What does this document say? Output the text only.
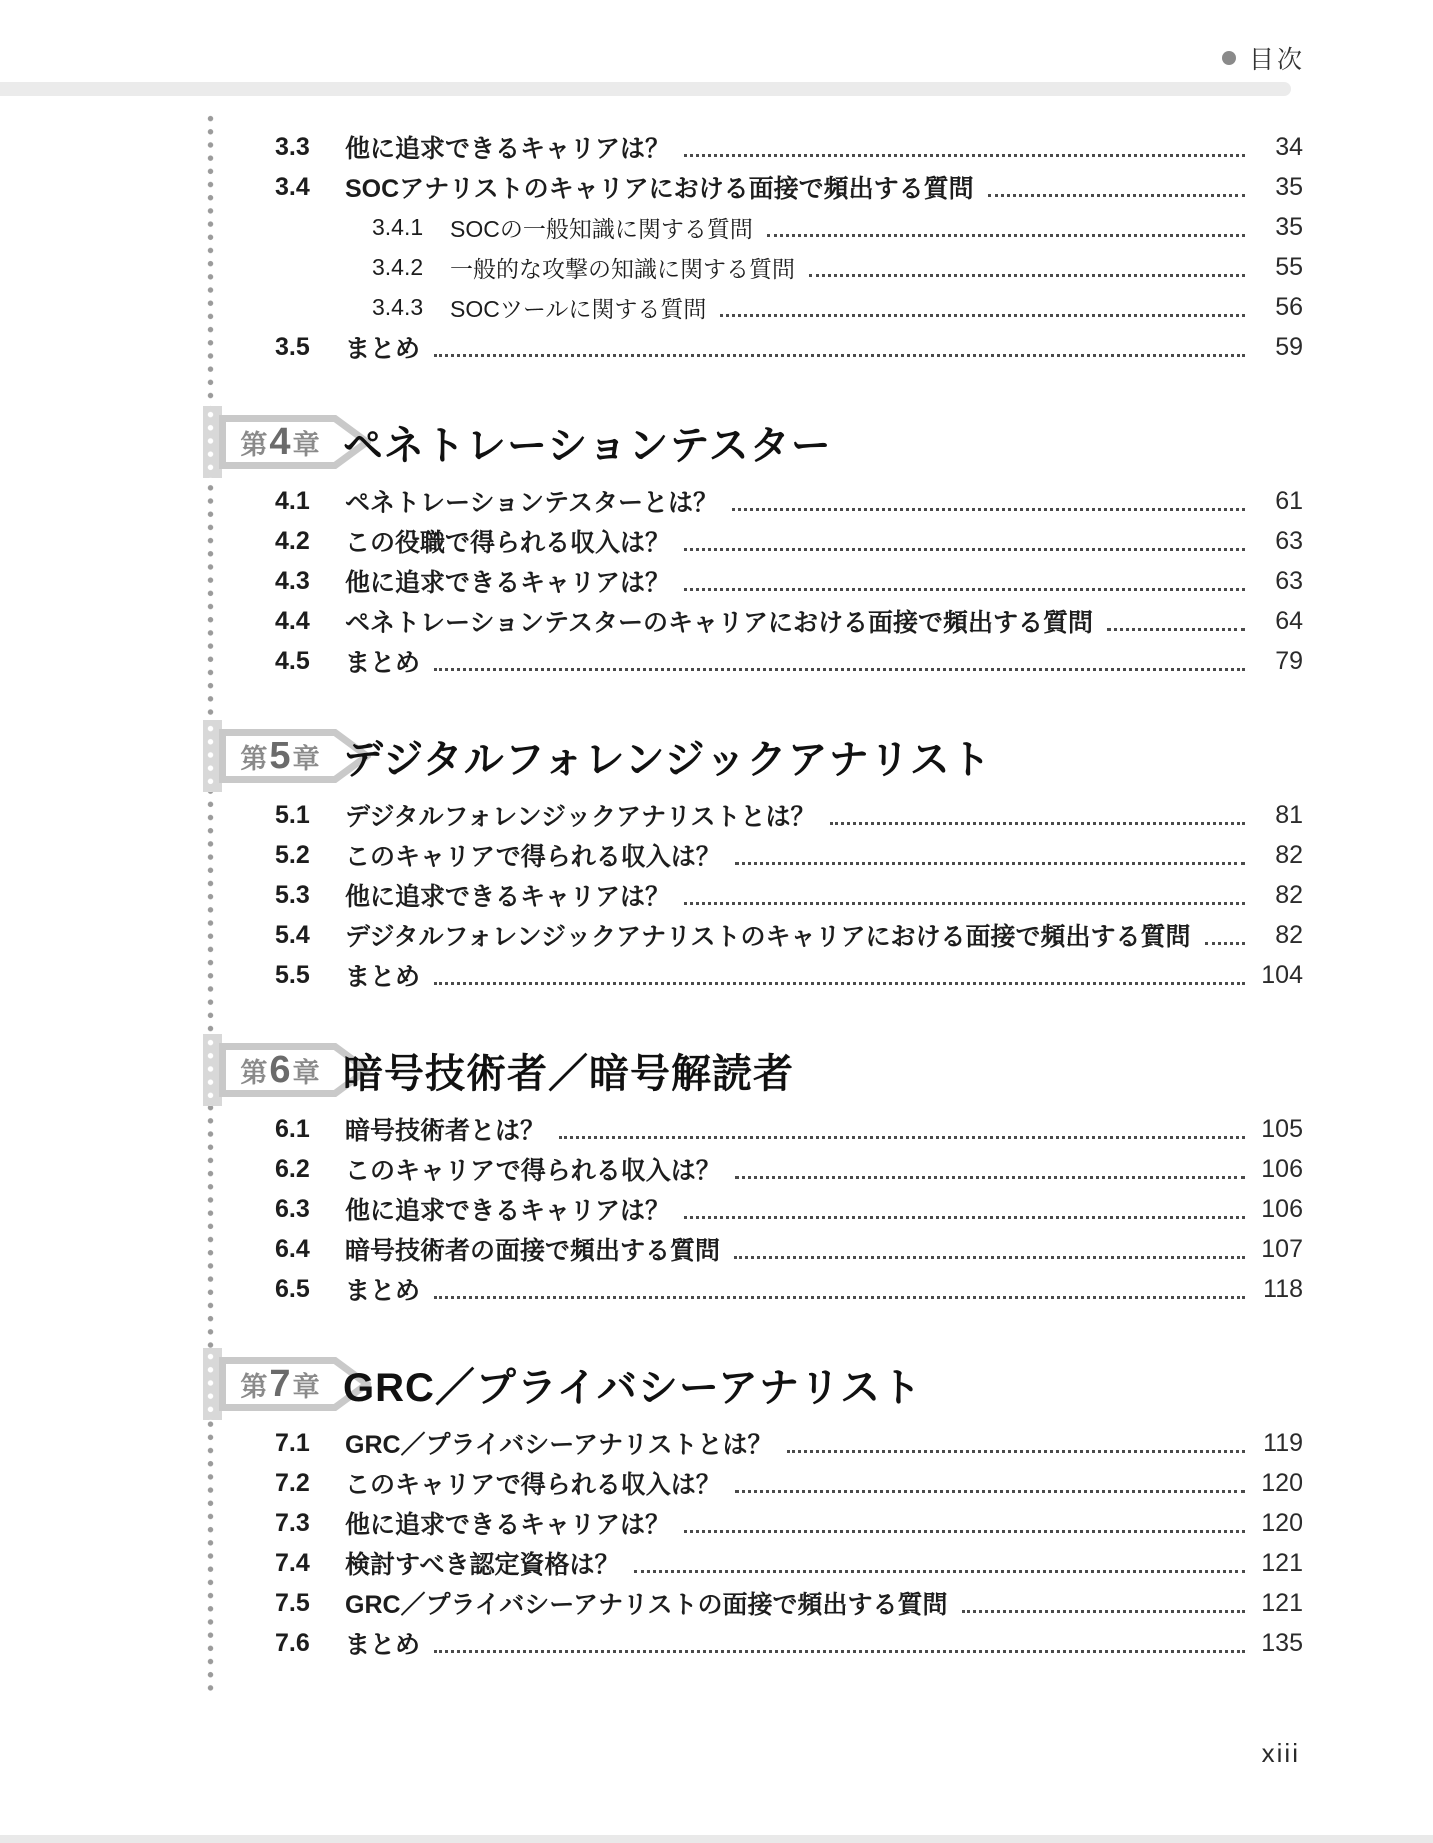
目次
3.3	他に追求できるキャリアは？	34
3.4	SOCアナリストのキャリアにおける面接で頻出する質問	35
3.4.1	SOCの一般知識に関する質問	35
3.4.2	一般的な攻撃の知識に関する質問	55
3.4.3	SOCツールに関する質問	56
3.5	まとめ	59
第 4 章 ペネトレーションテスター
4.1	ペネトレーションテスターとは？	61
4.2	この役職で得られる収入は？	63
4.3	他に追求できるキャリアは？	63
4.4	ペネトレーションテスターのキャリアにおける面接で頻出する質問	64
4.5	まとめ	79
第 5 章 デジタルフォレンジックアナリスト
5.1	デジタルフォレンジックアナリストとは？	81
5.2	このキャリアで得られる収入は？	82
5.3	他に追求できるキャリアは？	82
5.4	デジタルフォレンジックアナリストのキャリアにおける面接で頻出する質問	82
5.5	まとめ	104
第 6 章 暗号技術者／暗号解読者
6.1	暗号技術者とは？	105
6.2	このキャリアで得られる収入は？	106
6.3	他に追求できるキャリアは？	106
6.4	暗号技術者の面接で頻出する質問	107
6.5	まとめ	118
第 7 章 GRC／プライバシーアナリスト
7.1	GRC／プライバシーアナリストとは？	119
7.2	このキャリアで得られる収入は？	120
7.3	他に追求できるキャリアは？	120
7.4	検討すべき認定資格は？	121
7.5	GRC／プライバシーアナリストの面接で頻出する質問	121
7.6	まとめ	135
xiii
